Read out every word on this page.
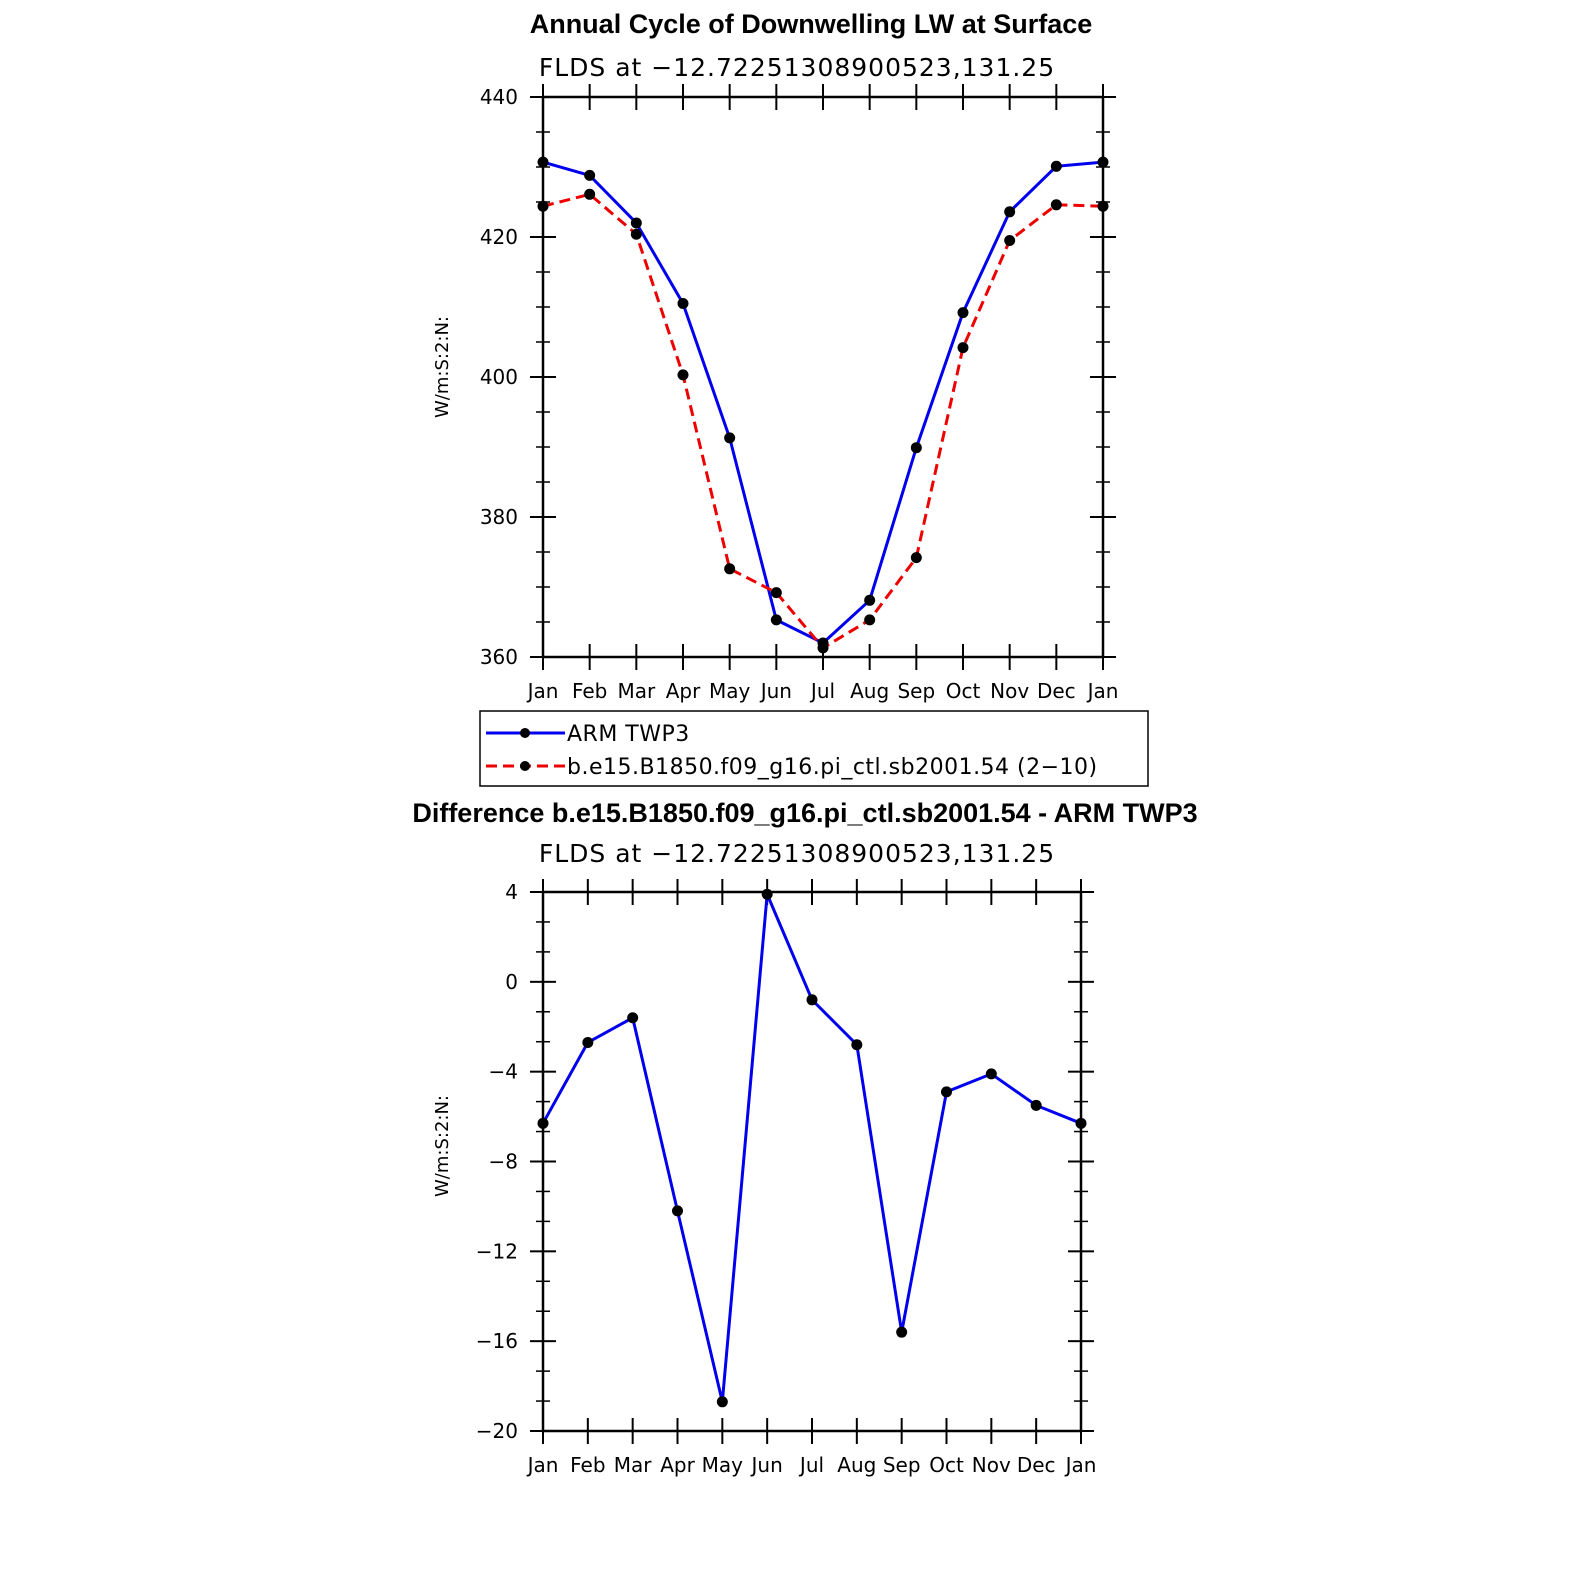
Annual Cycle of Downwelling LW at Surface
FLDS at −12.72251308900523,131.25
W/m:S:2:N:
Jan Feb Mar Apr May Jun Jul Aug Sep Oct Nov Dec Jan
360
380
400
420
440
ARM TWP3
b.e15.B1850.f09_g16.pi_ctl.sb2001.54 (2−10)
Difference b.e15.B1850.f09_g16.pi_ctl.sb2001.54 - ARM TWP3
FLDS at −12.72251308900523,131.25
W/m:S:2:N:
Jan Feb Mar Apr May Jun Jul Aug Sep Oct Nov Dec Jan
−20
−16
−12
−8
−4
0
4
